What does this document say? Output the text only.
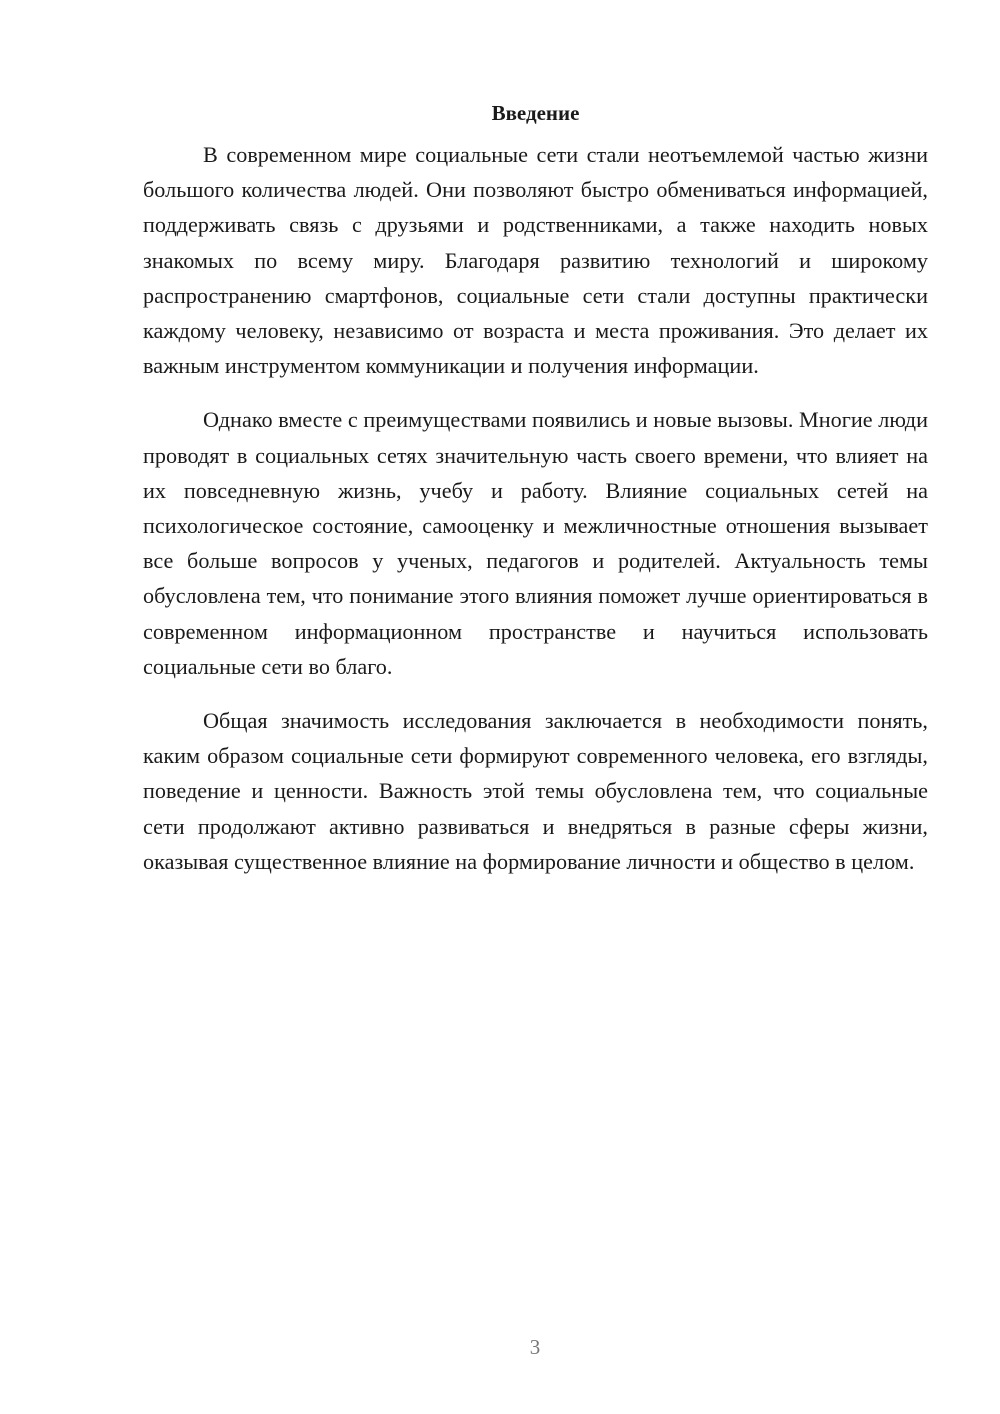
Введение

В современном мире социальные сети стали неотъемлемой частью жизни большого количества людей. Они позволяют быстро обмениваться информацией, поддерживать связь с друзьями и родственниками, а также находить новых знакомых по всему миру. Благодаря развитию технологий и широкому распространению смартфонов, социальные сети стали доступны практически каждому человеку, независимо от возраста и места проживания. Это делает их важным инструментом коммуникации и получения информации.

Однако вместе с преимуществами появились и новые вызовы. Многие люди проводят в социальных сетях значительную часть своего времени, что влияет на их повседневную жизнь, учебу и работу. Влияние социальных сетей на психологическое состояние, самооценку и межличностные отношения вызывает все больше вопросов у ученых, педагогов и родителей. Актуальность темы обусловлена тем, что понимание этого влияния поможет лучше ориентироваться в современном информационном пространстве и научиться использовать социальные сети во благо.

Общая значимость исследования заключается в необходимости понять, каким образом социальные сети формируют современного человека, его взгляды, поведение и ценности. Важность этой темы обусловлена тем, что социальные сети продолжают активно развиваться и внедряться в разные сферы жизни, оказывая существенное влияние на формирование личности и общество в целом.

3
